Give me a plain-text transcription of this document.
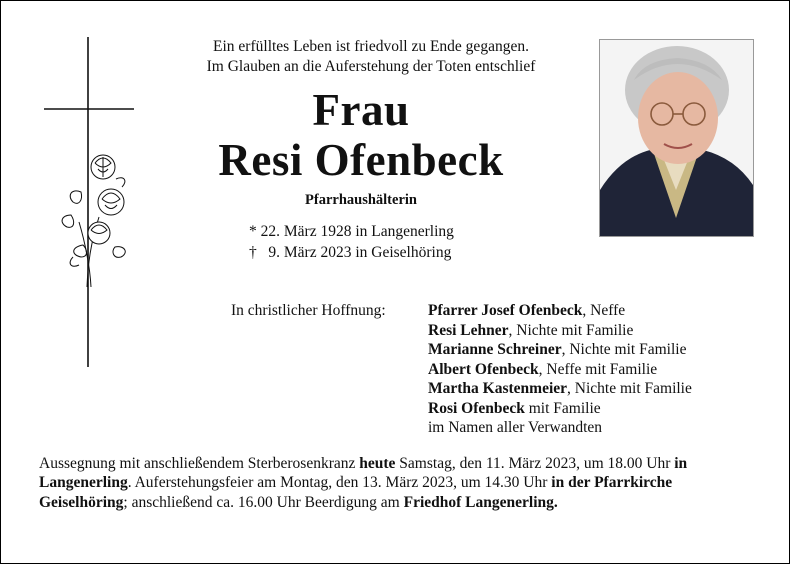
Ein erfülltes Leben ist friedvoll zu Ende gegangen.
Im Glauben an die Auferstehung der Toten entschlief
Frau
Resi Ofenbeck
Pfarrhaushälterin
* 22. März 1928 in Langenerling
† 9. März 2023 in Geiselhöring
In christlicher Hoffnung:	Pfarrer Josef Ofenbeck, Neffe
Resi Lehner, Nichte mit Familie
Marianne Schreiner, Nichte mit Familie
Albert Ofenbeck, Neffe mit Familie
Martha Kastenmeier, Nichte mit Familie
Rosi Ofenbeck mit Familie
im Namen aller Verwandten
Aussegnung mit anschließendem Sterberosenkranz heute Samstag, den 11. März 2023, um 18.00 Uhr in Langenerling. Auferstehungsfeier am Montag, den 13. März 2023, um 14.30 Uhr in der Pfarrkirche Geiselhöring; anschließend ca. 16.00 Uhr Beerdigung am Friedhof Langenerling.
